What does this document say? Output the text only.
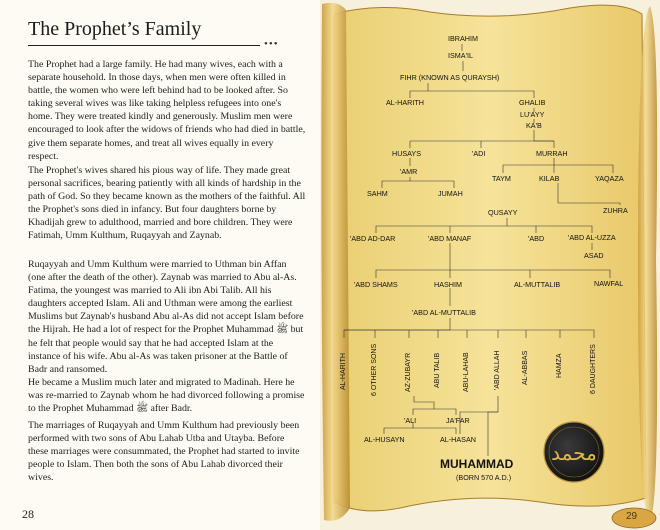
The Prophet’s Family
•••

The Prophet had a large family. He had many wives, each with a separate household. In those days, when men were often killed in battle, the women who were left behind had to be looked after. So taking several wives was like taking helpless refugees into one's home. They were treated kindly and generously. Muslim men were encouraged to look after the widows of friends who had died in battle, give them separate homes, and treat all wives equally in every respect.

The Prophet's wives shared his pious way of life. They made great personal sacrifices, bearing patiently with all kinds of hardship in the path of God. So they became known as the mothers of the faithful. All the Prophet's sons died in infancy. But four daughters borne by Khadijah grew to adulthood, married and bore children. They were Fatimah, Umm Kulthum, Ruqayyah and Zaynab.

Ruqayyah and Umm Kulthum were married to Uthman bin Affan (one after the death of the other). Zaynab was married to Abu al-As. Fatima, the youngest was married to Ali ibn Abi Talib. All his daughters accepted Islam. Ali and Uthman were among the earliest Muslims but Zaynab's husband Abu al-As did not accept Islam before the Hijrah. He had a lot of respect for the Prophet Muhammad ﷺ but he felt that people would say that he had accepted Islam at the instance of his wife. Abu al-As was taken prisoner at the Battle of Badr and ransomed.

He became a Muslim much later and migrated to Madinah. Here he was re-married to Zaynab whom he had divorced following a promise to the Prophet Muhammad ﷺ after Badr.

The marriages of Ruqayyah and Umm Kulthum had previously been performed with two sons of Abu Lahab Utba and Utayba. Before these marriages were consummated, the Prophet had started to invite people to Islam. Then both the sons of Abu Lahab divorced their wives.

28
محمد
IBRAHIM
ISMA'IL
FIHR (KNOWN AS QURAYSH)
AL-HARITH	GHALIB
LU'AYY
KA'B
HUSAYS	'ADI	MURRAH
'AMR
TAYM	KILAB	YAQAZA
SAHM	JUMAH
QUSAYY	ZUHRA
'ABD AD-DAR	'ABD MANAF	'ABD	'ABD AL-UZZA
ASAD
'ABD SHAMS	HASHIM	AL-MUTTALIB	NAWFAL
'ABD AL-MUTTALIB
AL-HARITH	6 OTHER SONS	AZ-ZUBAYR	ABU TALIB	ABU-LAHAB	'ABD ALLAH	AL-ABBAS	HAMZA	6 DAUGHTERS
'ALI	JA'FAR
AL-HUSAYN	AL-HASAN
MUHAMMAD
(BORN 570 A.D.)
29
